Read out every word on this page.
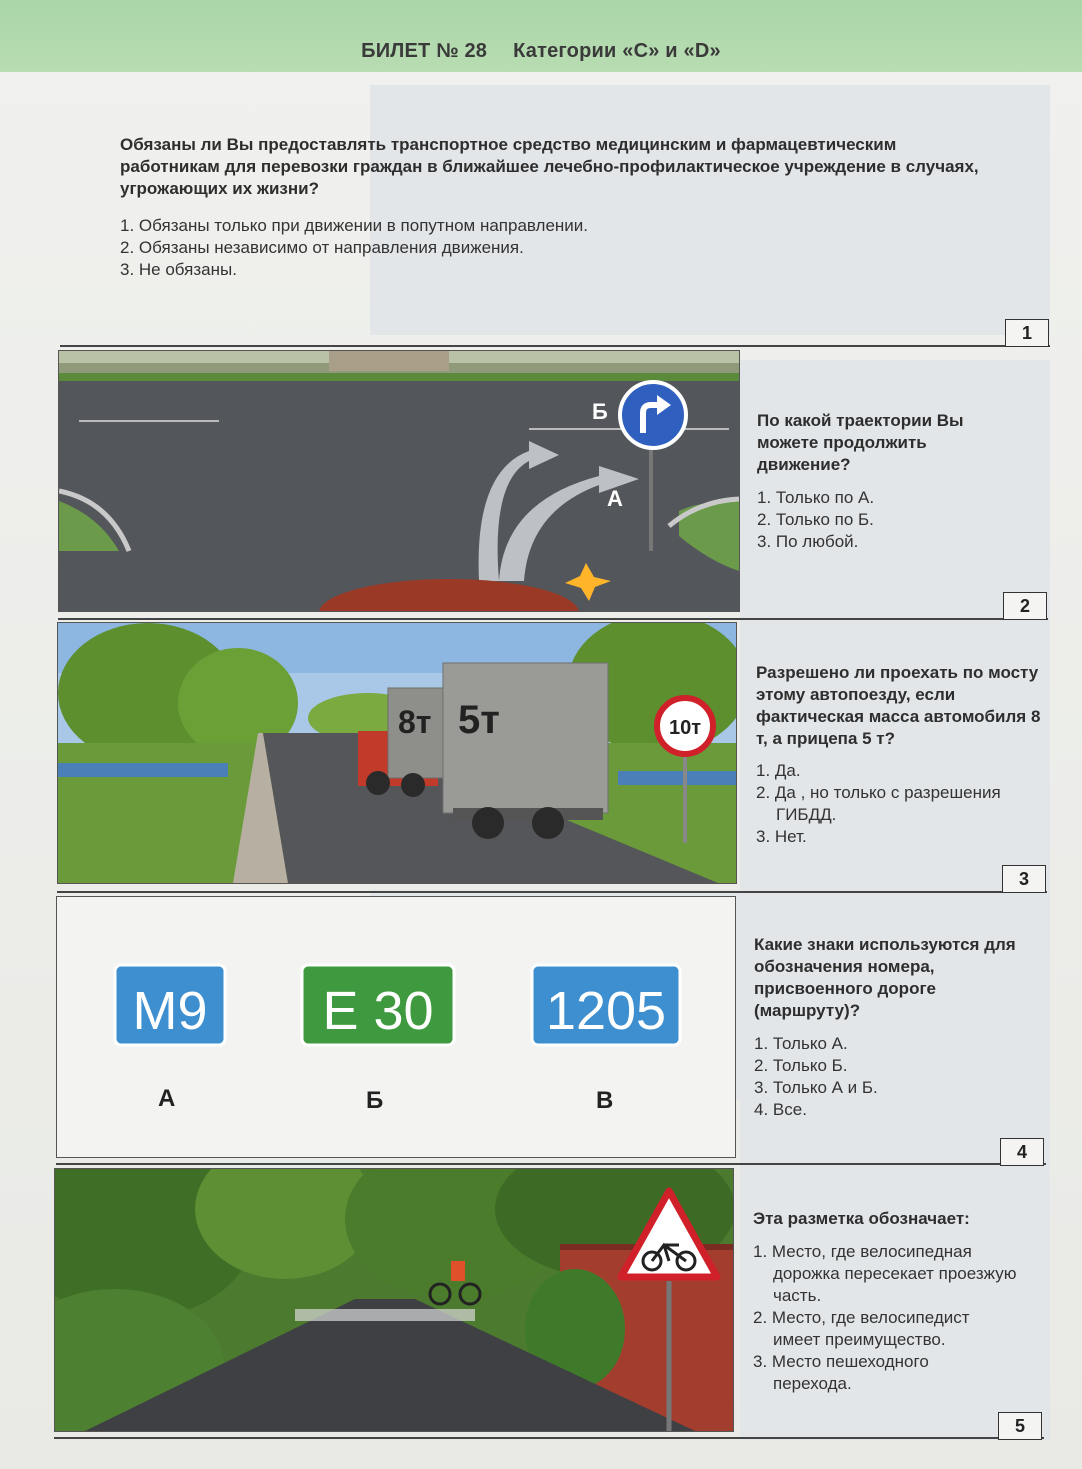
БИЛЕТ № 28 Категории «С» и «D»
Обязаны ли Вы предоставлять транспортное средство медицинским и фармацевтическим работникам для перевозки граждан в ближайшее лечебно-профилактическое учреждение в случаях, угрожающих их жизни?
1. Обязаны только при движении в попутном направлении.
2. Обязаны независимо от направления движения.
3. Не обязаны.
1
Б
А
По какой траектории Вы можете продолжить движение?
1. Только по А.
2. Только по Б.
3. По любой.
2
10т
8т 5т
Разрешено ли проехать по мосту этому автопоезду, если фактическая масса автомобиля 8 т, а прицепа 5 т?
1. Да.
2. Да , но только с разрешения
ГИБДД.
3. Нет.
3
M9 E 30 1205
А	Б	В
Какие знаки используются для обозначения номера, присвоенного дороге (маршруту)?
1. Только А.
2. Только Б.
3. Только А и Б.
4. Все.
4
Эта разметка обозначает:
1. Место, где велосипедная
дорожка пересекает проезжую
часть.
2. Место, где велосипедист
имеет преимущество.
3. Место пешеходного
перехода.
5
